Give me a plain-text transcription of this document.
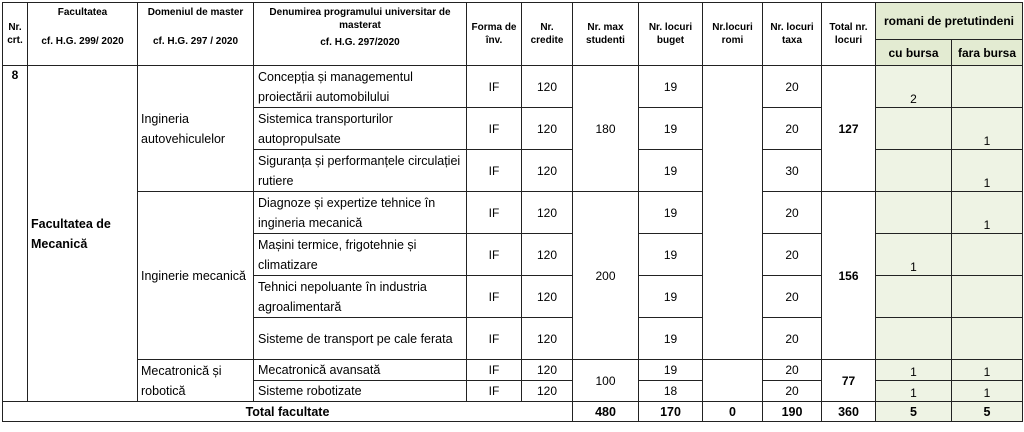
Nr. crt.	Facultatea
cf. H.G. 299/ 2020	Domeniul de master
cf. H.G. 297 / 2020	Denumirea programului universitar de masterat
cf. H.G. 297/2020	Forma de înv.	Nr. credite	Nr. max studenti	Nr. locuri buget	Nr.locuri romi	Nr. locuri taxa	Total nr. locuri	romani de pretutindeni	
											cu bursa	fara bursa
8	Facultatea de Mecanică	Ingineria autovehiculelor	Concepția și managementul proiectării automobilului	IF	120	180	19		20	127	2	
			Sistemica transporturilor autopropulsate	IF	120		19		20			1
			Siguranța și performanțele circulației rutiere	IF	120		19		30			1
		Inginerie mecanică	Diagnoze și expertize tehnice în ingineria mecanică	IF	120	200	19		20	156		1
			Mașini termice, frigotehnie și climatizare	IF	120		19		20		1	
			Tehnici nepoluante în industria agroalimentară	IF	120		19		20			
			Sisteme de transport pe cale ferata	IF	120		19		20			
		Mecatronică și robotică	Mecatronică avansată	IF	120	100	19		20	77	1	1
			Sisteme robotizate	IF	120		18		20		1	1
Total facultate						480	170	0	190	360	5	5
